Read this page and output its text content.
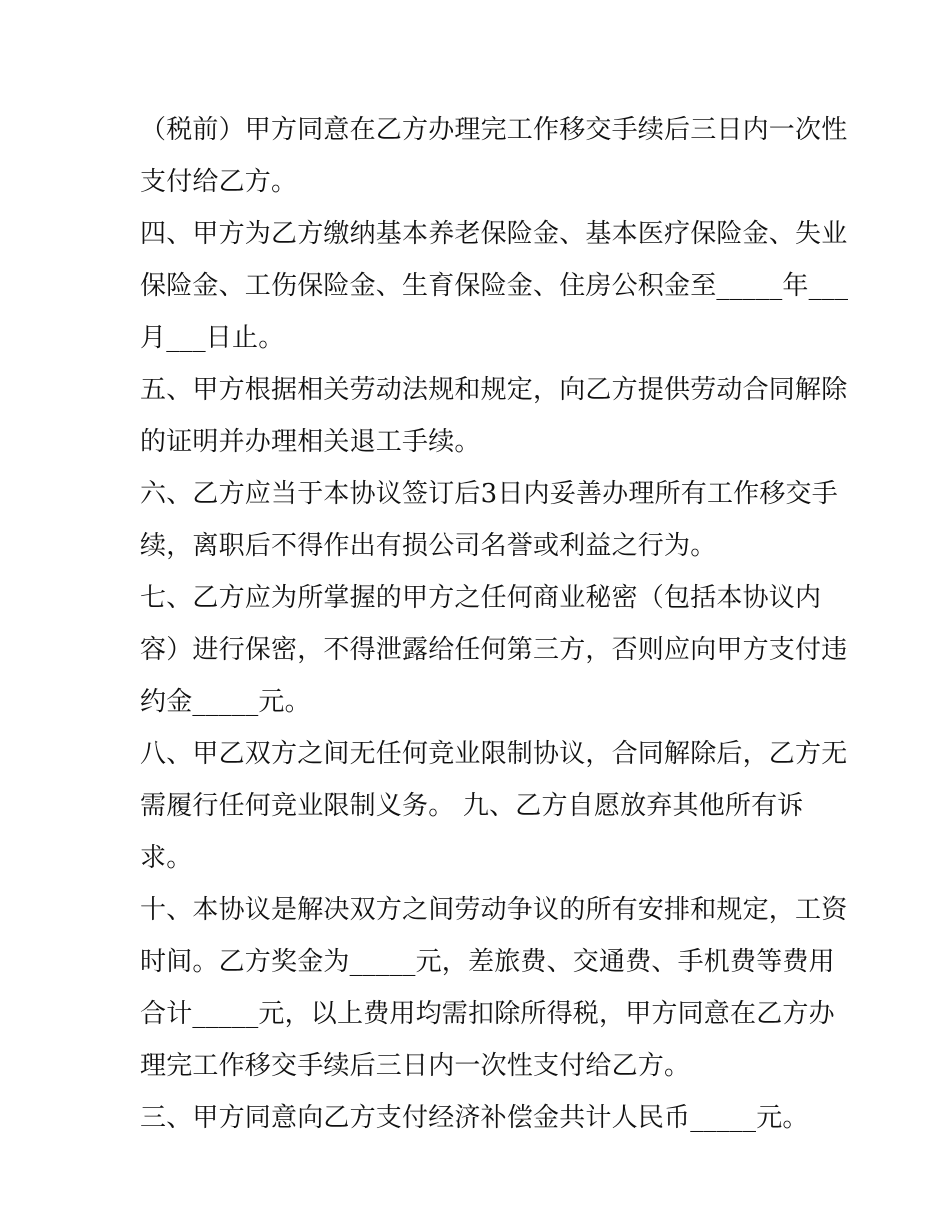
（税前）甲方同意在乙方办理完工作移交手续后三日内一次性
支付给乙方。
四、甲方为乙方缴纳基本养老保险金、基本医疗保险金、失业
保险金、工伤保险金、生育保险金、住房公积金至_____年___
月___日止。
五、甲方根据相关劳动法规和规定，向乙方提供劳动合同解除
的证明并办理相关退工手续。
六、乙方应当于本协议签订后3日内妥善办理所有工作移交手
续，离职后不得作出有损公司名誉或利益之行为。
七、乙方应为所掌握的甲方之任何商业秘密（包括本协议内
容）进行保密，不得泄露给任何第三方，否则应向甲方支付违
约金_____元。
八、甲乙双方之间无任何竞业限制协议，合同解除后，乙方无
需履行任何竞业限制义务。 九、乙方自愿放弃其他所有诉
求。
十、本协议是解决双方之间劳动争议的所有安排和规定，工资
时间。乙方奖金为_____元，差旅费、交通费、手机费等费用
合计_____元，以上费用均需扣除所得税，甲方同意在乙方办
理完工作移交手续后三日内一次性支付给乙方。
三、甲方同意向乙方支付经济补偿金共计人民币_____元。
